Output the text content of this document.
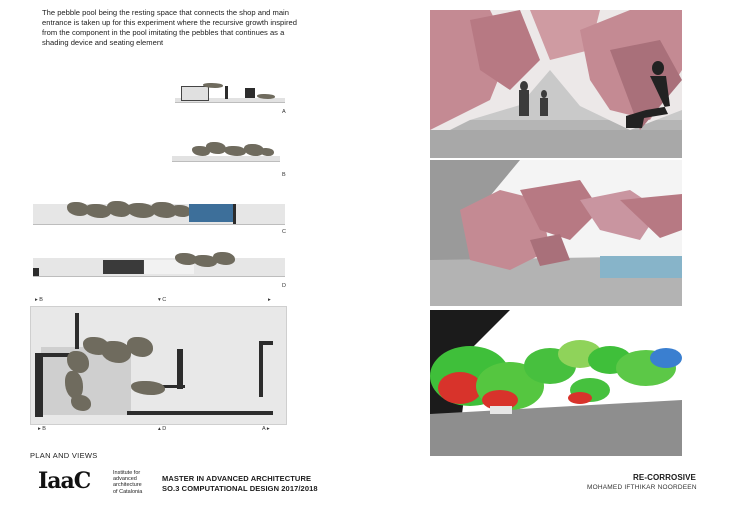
The pebble pool being the resting space that connects the shop and main entrance is taken up for this experiment where the recursive growth inspired from the component in the pool imitating the pebbles that continues as a shading device and seating element
A
B
C
D
▸ B	▾ C	▸
▸ B	▴ D	A ▸
PLAN AND VIEWS
IaaC	Institute for
advanced
architecture
of Catalonia
MASTER IN ADVANCED ARCHITECTURE
SO.3 COMPUTATIONAL DESIGN 2017/2018
RE-CORROSIVE
MOHAMED IFTHIKAR NOORDEEN
